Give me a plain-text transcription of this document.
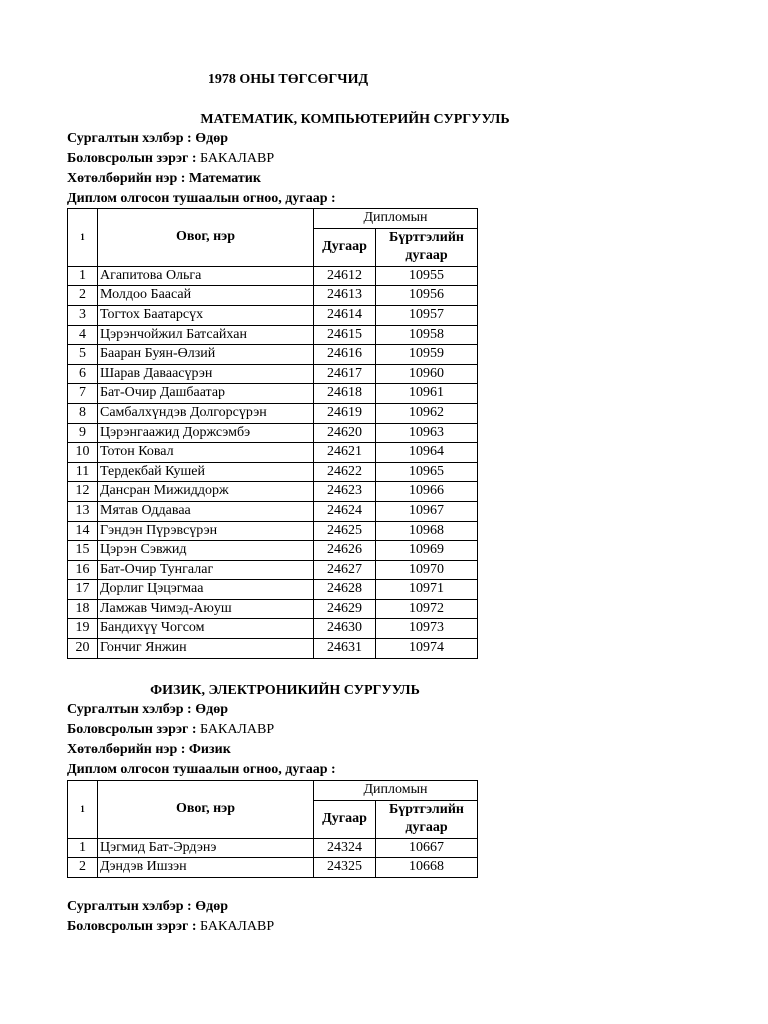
1978 ОНЫ ТӨГСӨГЧИД
МАТЕМАТИК, КОМПЬЮТЕРИЙН СУРГУУЛЬ
Сургалтын хэлбэр : Өдөр
Боловсролын зэрэг : БАКАЛАВР
Хөтөлбөрийн нэр : Математик
Диплом олгосон тушаалын огноо, дугаар :
1	Овог, нэр	Дипломын	
		Дугаар	Бүртгэлийн
			дугаар
1	Агапитова Ольга	24612	10955
2	Молдоо Баасай	24613	10956
3	Тогтох Баатарсүх	24614	10957
4	Цэрэнчойжил Батсайхан	24615	10958
5	Бааран Буян-Өлзий	24616	10959
6	Шарав Даваасүрэн	24617	10960
7	Бат-Очир Дашбаатар	24618	10961
8	Самбалхүндэв Долгорсүрэн	24619	10962
9	Цэрэнгаажид Доржсэмбэ	24620	10963
10	Тотон Ковал	24621	10964
11	Тердекбай Кушей	24622	10965
12	Дансран Мижиддорж	24623	10966
13	Мятав Оддаваа	24624	10967
14	Гэндэн Пүрэвсүрэн	24625	10968
15	Цэрэн Сэвжид	24626	10969
16	Бат-Очир Тунгалаг	24627	10970
17	Дорлиг Цэцэгмаа	24628	10971
18	Ламжав Чимэд-Аюуш	24629	10972
19	Бандихүү Чогсом	24630	10973
20	Гончиг Янжин	24631	10974
ФИЗИК, ЭЛЕКТРОНИКИЙН СУРГУУЛЬ
Сургалтын хэлбэр : Өдөр
Боловсролын зэрэг : БАКАЛАВР
Хөтөлбөрийн нэр : Физик
Диплом олгосон тушаалын огноо, дугаар :
1	Овог, нэр	Дипломын	
		Дугаар	Бүртгэлийн
			дугаар
1	Цэгмид Бат-Эрдэнэ	24324	10667
2	Дэндэв Ишзэн	24325	10668
Сургалтын хэлбэр : Өдөр
Боловсролын зэрэг : БАКАЛАВР
